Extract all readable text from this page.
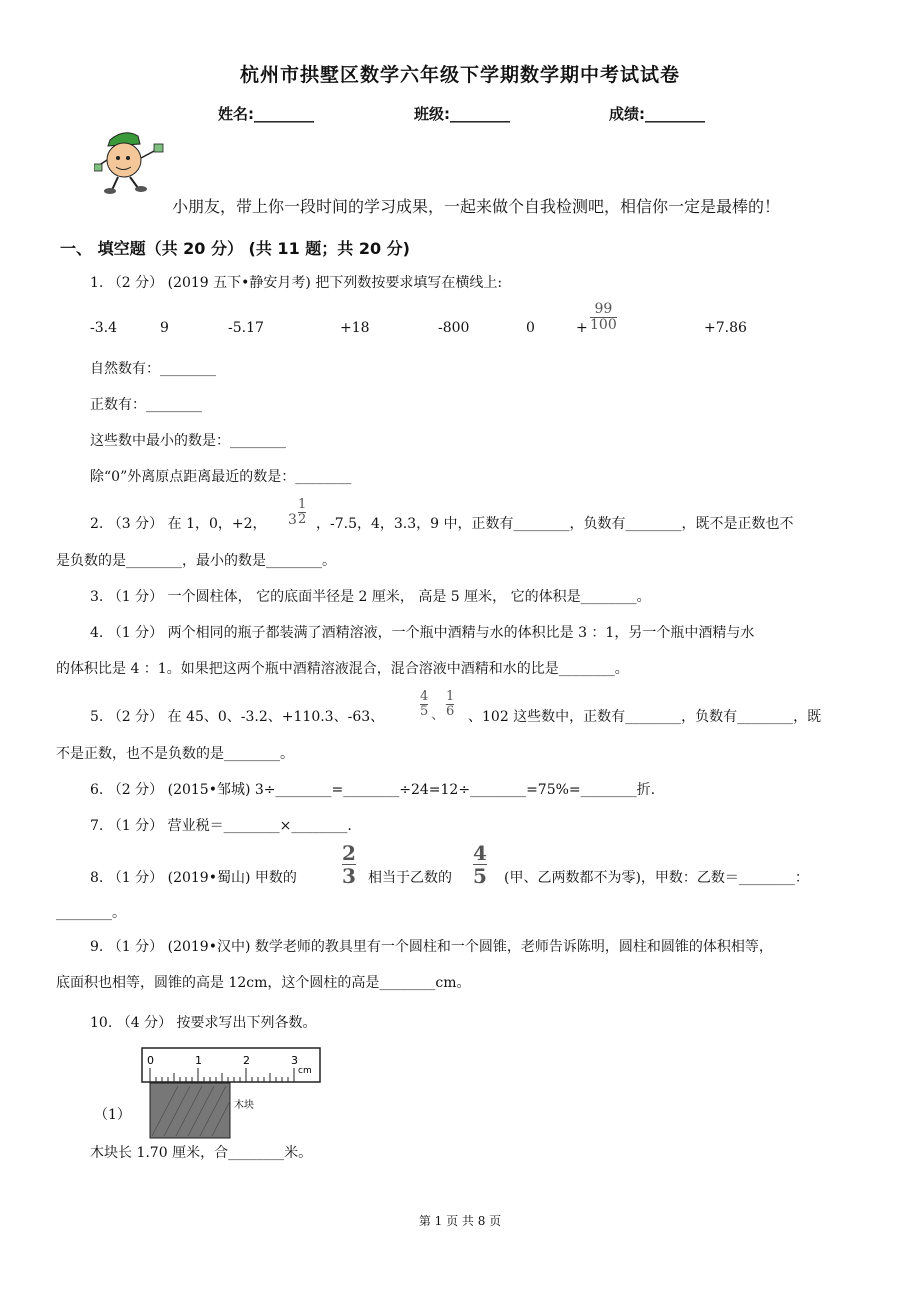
杭州市拱墅区数学六年级下学期数学期中考试试卷
姓名:________	班级:________	成绩:________
小朋友，带上你一段时间的学习成果，一起来做个自我检测吧，相信你一定是最棒的！
一、 填空题（共 20 分） (共 11 题；共 20 分)
1. （2 分） (2019 五下•静安月考) 把下列数按要求填写在横线上:
-3.4	9	-5.17	+18	-800	0	+ $\frac{99}{100}$	+7.86
自然数有：________
正数有：________
这些数中最小的数是：________
除“0”外离原点距离最近的数是：________
2. （3 分） 在 1，0，+2， $3 \frac{1}{2}$ ，-7.5，4，3.3，9 中，正数有________，负数有________，既不是正数也不
是负数的是________，最小的数是________。
3. （1 分） 一个圆柱体， 它的底面半径是 2 厘米， 高是 5 厘米， 它的体积是________。
4. （1 分） 两个相同的瓶子都装满了酒精溶液，一个瓶中酒精与水的体积比是 3 ：1，另一个瓶中酒精与水
的体积比是 4 ：1。如果把这两个瓶中酒精溶液混合，混合溶液中酒精和水的比是________。
5. （2 分） 在 45、0、-3.2、+110.3、-63、	$\frac{4}{5}$ 、 $\frac{1}{6}$ 、102 这些数中，正数有________，负数有________，既
不是正数，也不是负数的是________。
6. （2 分） (2015•邹城) 3÷________=________÷24=12÷________=75%=________折.
7. （1 分） 营业税＝________×________.
8. （1 分） (2019•蜀山) 甲数的 $\frac{2}{3}$ 相当于乙数的 $\frac{4}{5}$ (甲、乙两数都不为零)，甲数：乙数＝________：
________。
9. （1 分） (2019•汉中) 数学老师的教具里有一个圆柱和一个圆锥，老师告诉陈明，圆柱和圆锥的体积相等，
底面积也相等，圆锥的高是 12cm，这个圆柱的高是________cm。
10. （4 分） 按要求写出下列各数。
0	1	2	3
cm
木块
（1）
木块长 1.70 厘米，合________米。
第 1 页 共 8 页
